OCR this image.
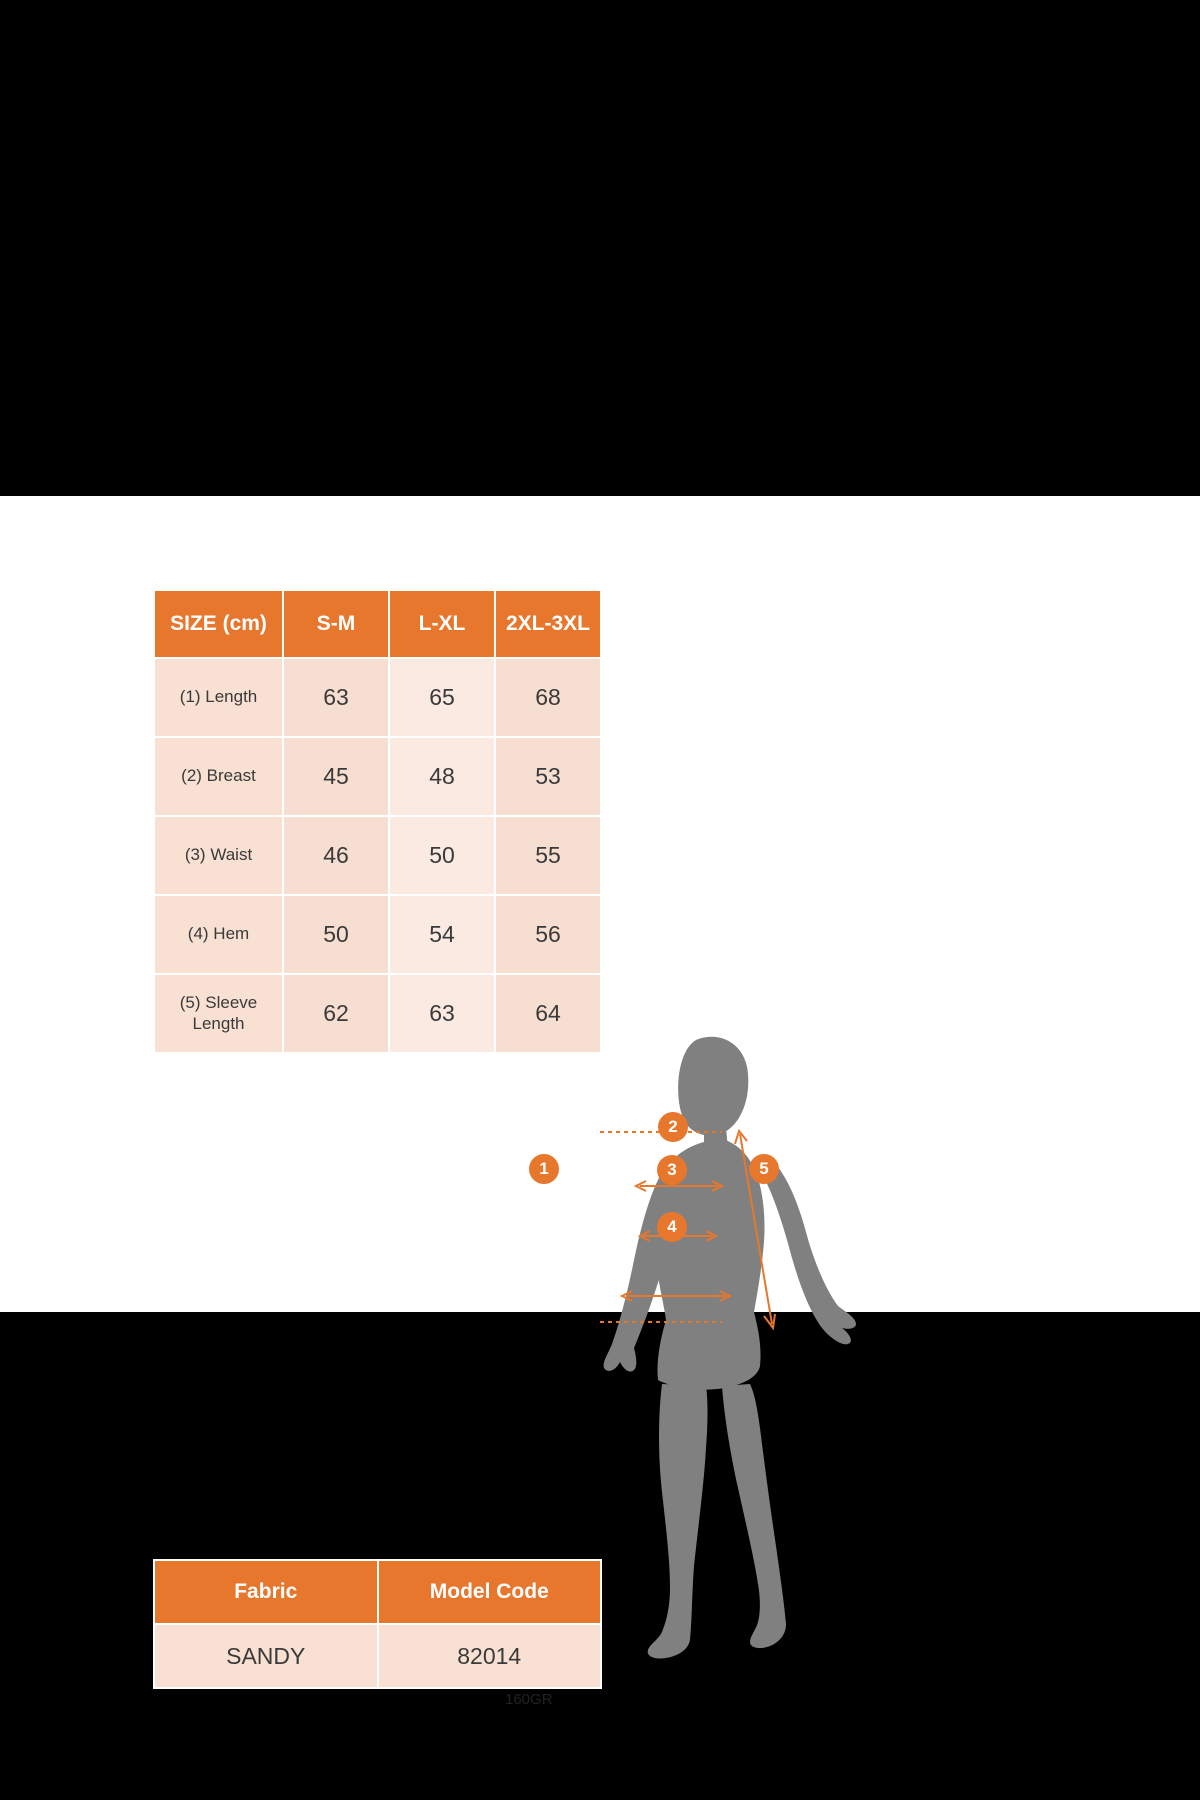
SIZE (cm)	S-M	L-XL	2XL-3XL
(1) Length	63	65	68
(2) Breast	45	48	53
(3) Waist	46	50	55
(4) Hem	50	54	56
(5) Sleeve Length	62	63	64
Fabric	Model Code
SANDY	82014
160GR
1
2
3
4
5
